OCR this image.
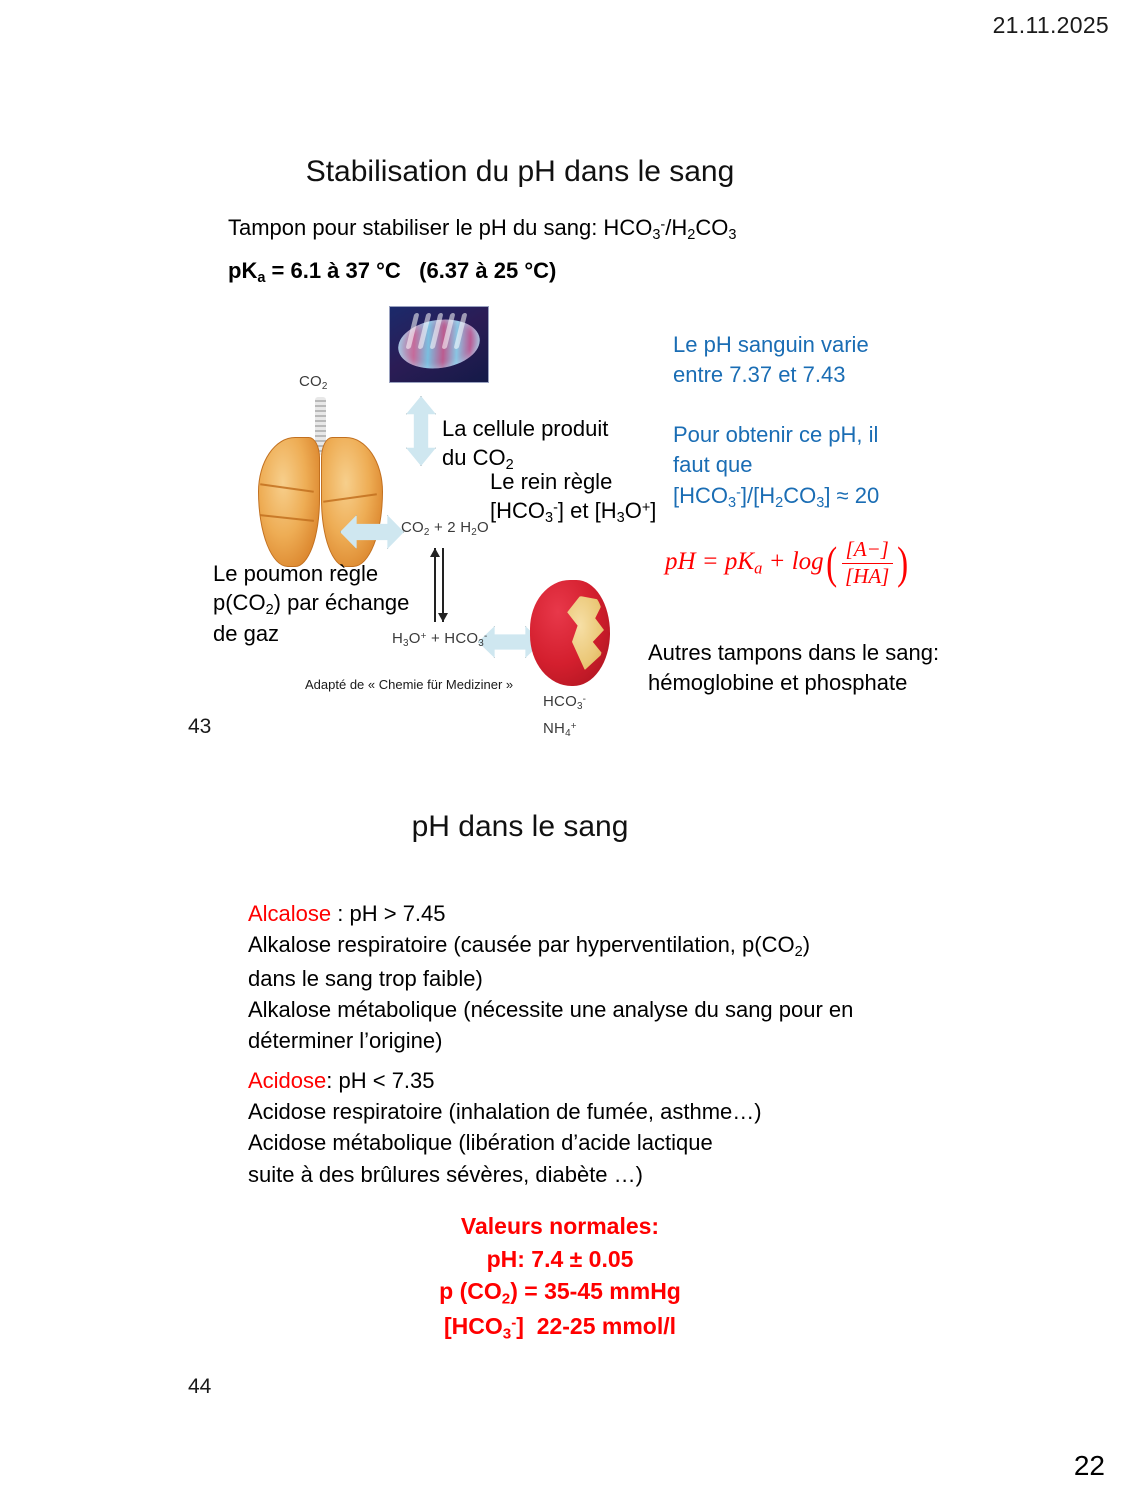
21.11.2025
Stabilisation du pH dans le sang
Tampon pour stabiliser le pH du sang: $HCO_3^-/H_2CO_3$
$pK_a = 6.1$ à 37 °C   (6.37 à 25 °C)
$CO_2$
$CO_2 + 2$ $H_2O$
$H_3O^+ + HCO_3^-$
$HCO_3^-$
$NH_4^+$
La cellule produit
du $CO_2$
Le rein règle
$[HCO_3^-]$ et $[H_3O^+]$
Le poumon règle
$p(CO_2)$ par échange
de gaz
Adapté de « Chemie für Mediziner »
Le pH sanguin varie
entre 7.37 et 7.43
Pour obtenir ce pH, il
faut que
$[HCO_3^-]/[H_2CO_3] \approx 20$
pH = $pK_a + \log$ ( $\frac{[A-]}{[HA]}$ )
Autres tampons dans le sang:
hémoglobine et phosphate
43
pH dans le sang
Alcalose : pH > 7.45
Alkalose respiratoire (causée par hyperventilation, $p(CO_2)$
dans le sang trop faible)
Alkalose métabolique (nécessite une analyse du sang pour en
déterminer l’origine)
Acidose: pH < 7.35
Acidose respiratoire (inhalation de fumée, asthme…)
Acidose métabolique (libération d’acide lactique
suite à des brûlures sévères, diabète …)
Valeurs normales:
pH: 7.4 ± 0.05
p $(CO_2) = 35-45$ mmHg
$[HCO_3^-]$  22-25 mmol/l
44
22
